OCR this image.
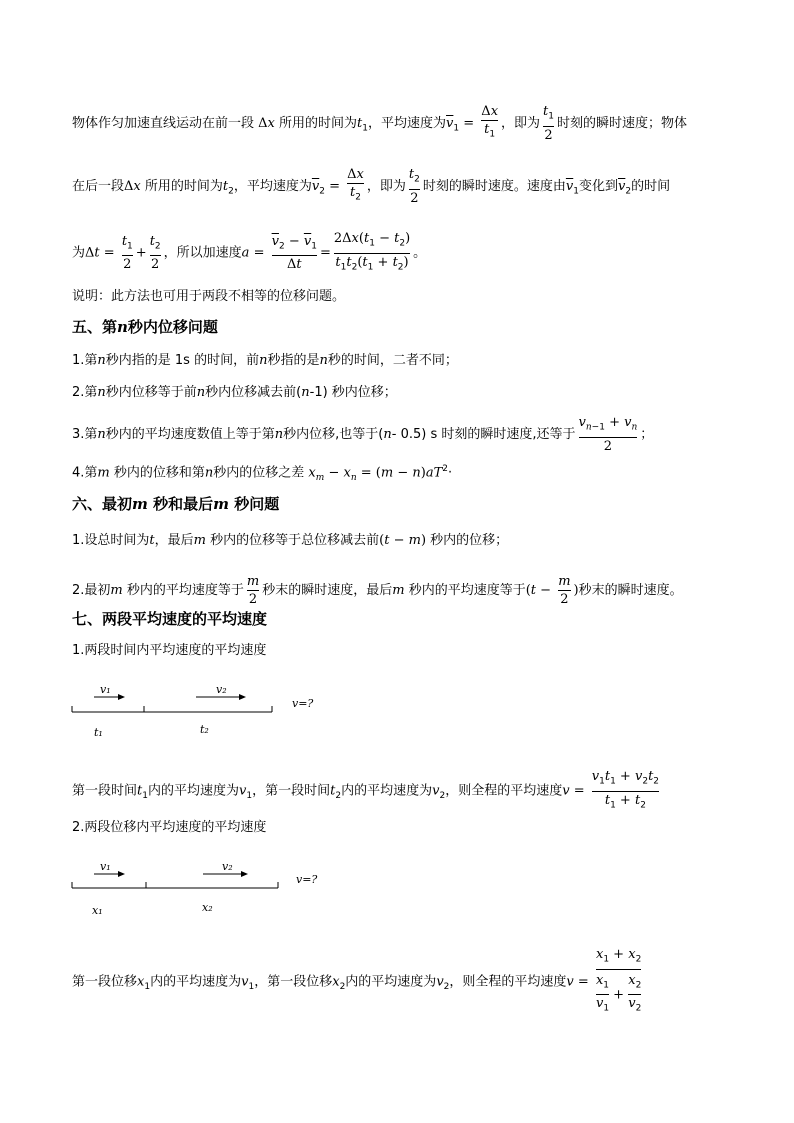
物体作匀加速直线运动在前一段 Δx 所用的时间为$t_1$，平均速度为$\overline{v}_1 = \frac{\Delta x}{t_1}$ ，即为 $\frac{t_1}{2}$ 时刻的瞬时速度；物体
在后一段Δx 所用的时间为$t_2$，平均速度为$\overline{v}_2 = \frac{\Delta x}{t_2}$ ，即为 $\frac{t_2}{2}$ 时刻的瞬时速度。速度由$\overline{v}_1$变化到$\overline{v}_2$的时间
为$\Delta t = \frac{t_1}{2} + \frac{t_2}{2}$ ，所以加速度$a = \frac{\overline{v}_2 - \overline{v}_1}{\Delta t} = \frac{2\Delta x(t_1 - t_2)}{t_1t_2(t_1 + t_2)}$ 。
说明：此方法也可用于两段不相等的位移问题。
五、第n秒内位移问题
1.第n秒内指的是 1s 的时间，前n秒指的是n秒的时间，二者不同；
2.第n秒内位移等于前n秒内位移减去前(n-1) 秒内位移；
3.第n秒内的平均速度数值上等于第n秒内位移,也等于(n- 0.5) s 时刻的瞬时速度,还等于 $\frac{v_{n-1} + v_n}{2}$ ；
4.第m 秒内的位移和第n秒内的位移之差 $x_m - x_n = (m - n)aT^2\cdot$
六、最初m 秒和最后m 秒问题
1.设总时间为t，最后m 秒内的位移等于总位移减去前(t − m) 秒内的位移；
2.最初m 秒内的平均速度等于 $\frac{m}{2}$ 秒末的瞬时速度，最后m 秒内的平均速度等于($t - \frac{m}{2}$ )秒末的瞬时速度。
七、两段平均速度的平均速度
1.两段时间内平均速度的平均速度
v₁	v₂
v=?
t₁	t₂
第一段时间$t_1$内的平均速度为$v_1$，第一段时间$t_2$内的平均速度为$v_2$，则全程的平均速度$v = \frac{v_1t_1 + v_2t_2}{t_1 + t_2}$
2.两段位移内平均速度的平均速度
v₁	v₂
v=?
x₁	x₂
第一段位移$x_1$内的平均速度为$v_1$，第一段位移$x_2$内的平均速度为$v_2$，则全程的平均速度$v = \frac{x_1 + x_2}{\frac{x_1}{v_1} + \frac{x_2}{v_2}}$
